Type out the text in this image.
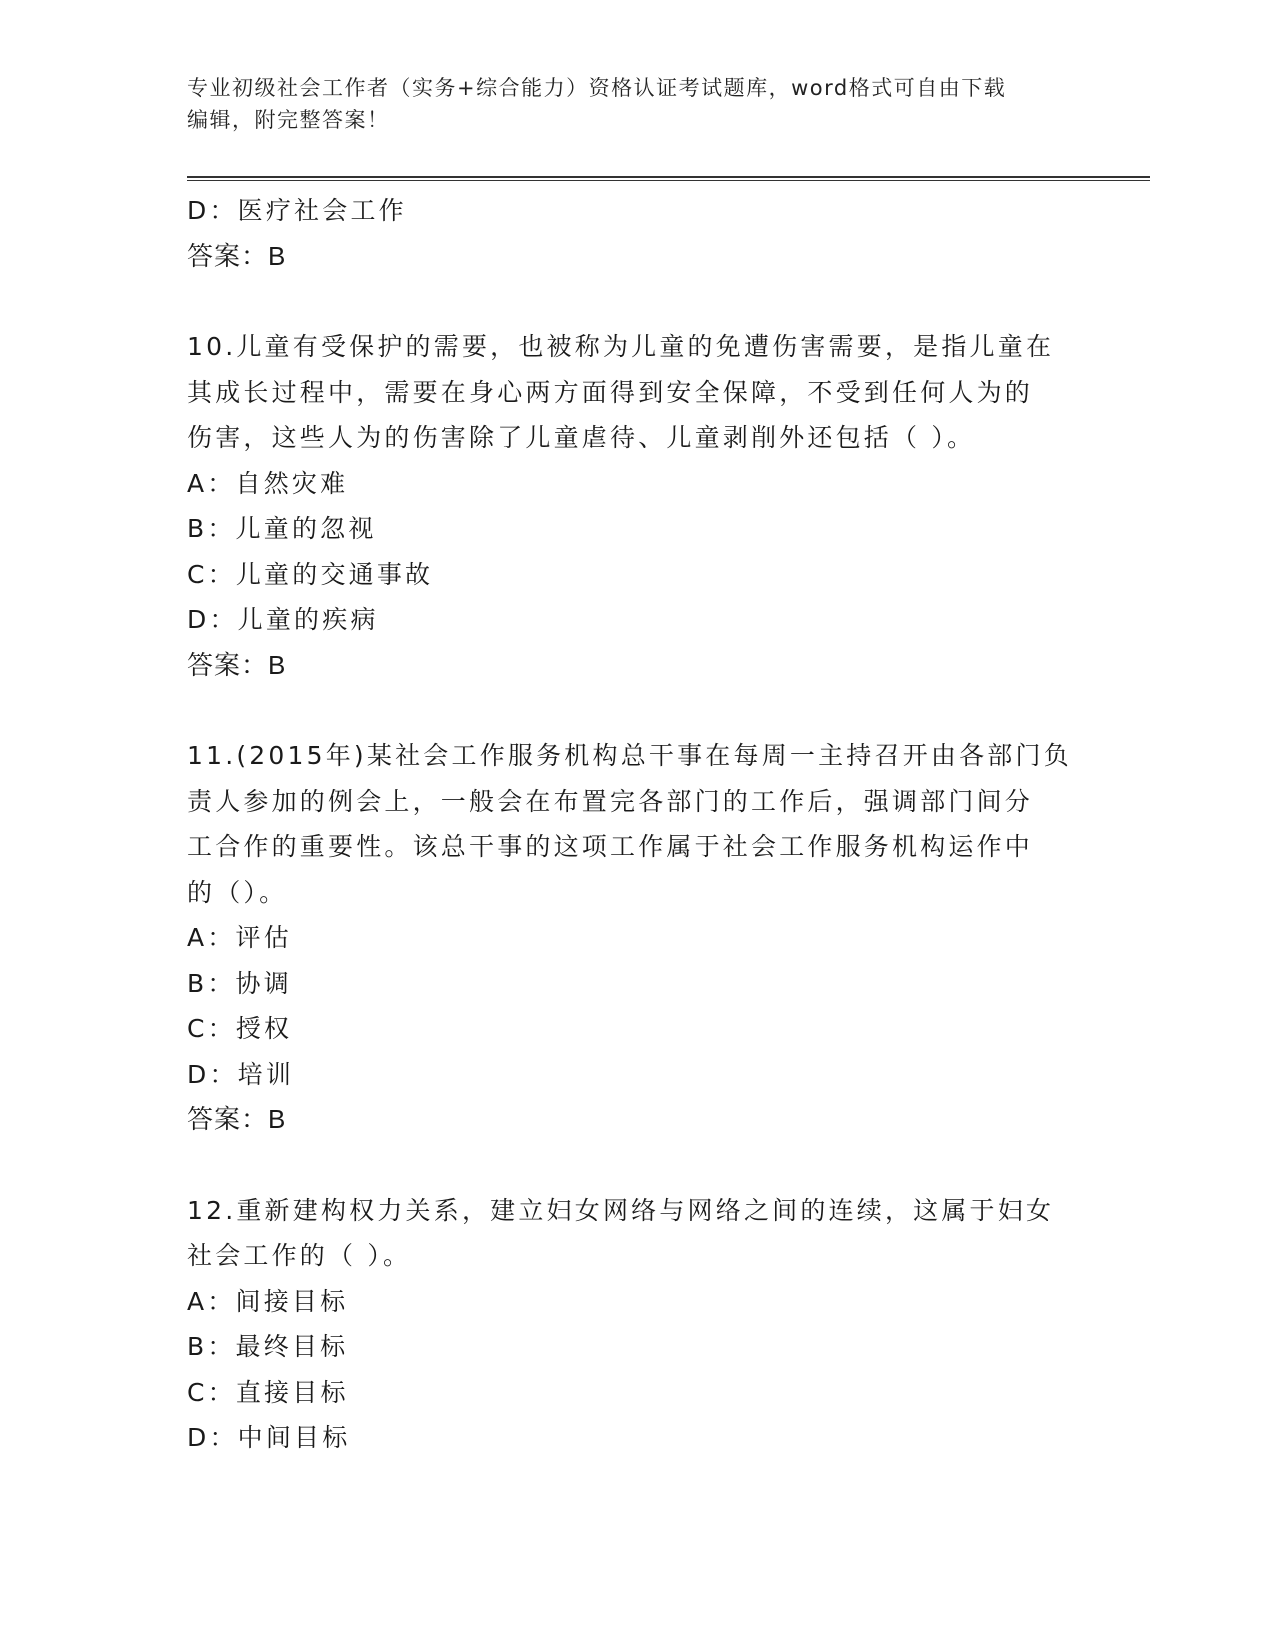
专业初级社会工作者（实务+综合能力）资格认证考试题库，word格式可自由下载
编辑，附完整答案！
D：医疗社会工作
答案：B
10.儿童有受保护的需要，也被称为儿童的免遭伤害需要，是指儿童在
其成长过程中，需要在身心两方面得到安全保障，不受到任何人为的
伤害，这些人为的伤害除了儿童虐待、儿童剥削外还包括（ ）。
A：自然灾难
B：儿童的忽视
C：儿童的交通事故
D：儿童的疾病
答案：B
11.(2015年)某社会工作服务机构总干事在每周一主持召开由各部门负
责人参加的例会上，一般会在布置完各部门的工作后，强调部门间分
工合作的重要性。该总干事的这项工作属于社会工作服务机构运作中
的（）。
A：评估
B：协调
C：授权
D：培训
答案：B
12.重新建构权力关系，建立妇女网络与网络之间的连续，这属于妇女
社会工作的（ ）。
A：间接目标
B：最终目标
C：直接目标
D：中间目标
